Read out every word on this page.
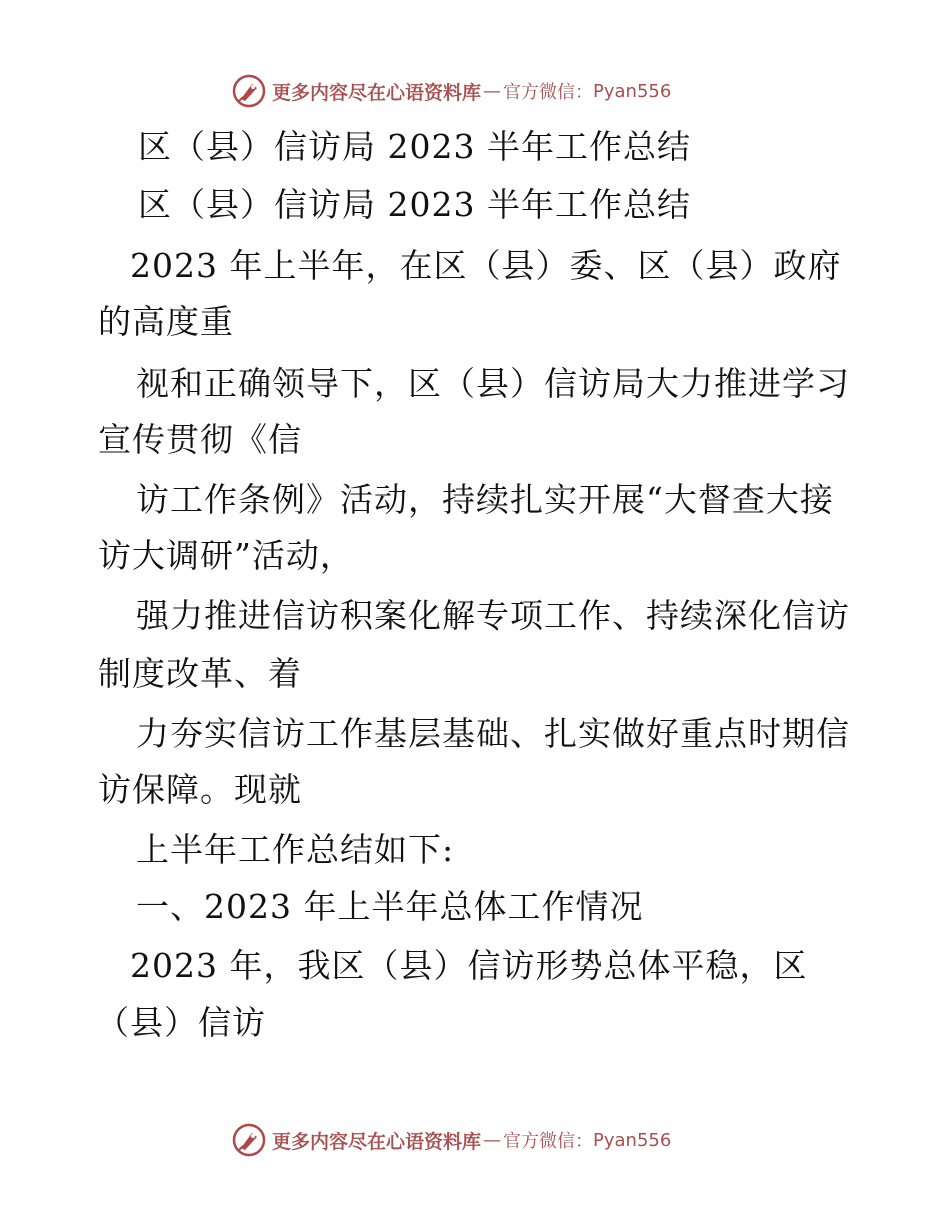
更多内容尽在心语资料库 — 官方微信： Pyan556
区（县）信访局 2023 半年工作总结
区（县）信访局 2023 半年工作总结
2023 年上半年，在区（县）委、区（县）政府
的高度重
视和正确领导下，区（县）信访局大力推进学习
宣传贯彻《信
访工作条例》活动，持续扎实开展“大督查大接
访大调研”活动，
强力推进信访积案化解专项工作、持续深化信访
制度改革、着
力夯实信访工作基层基础、扎实做好重点时期信
访保障。现就
上半年工作总结如下:
一、2023 年上半年总体工作情况
2023 年，我区（县）信访形势总体平稳，区
（县）信访
更多内容尽在心语资料库 — 官方微信： Pyan556
